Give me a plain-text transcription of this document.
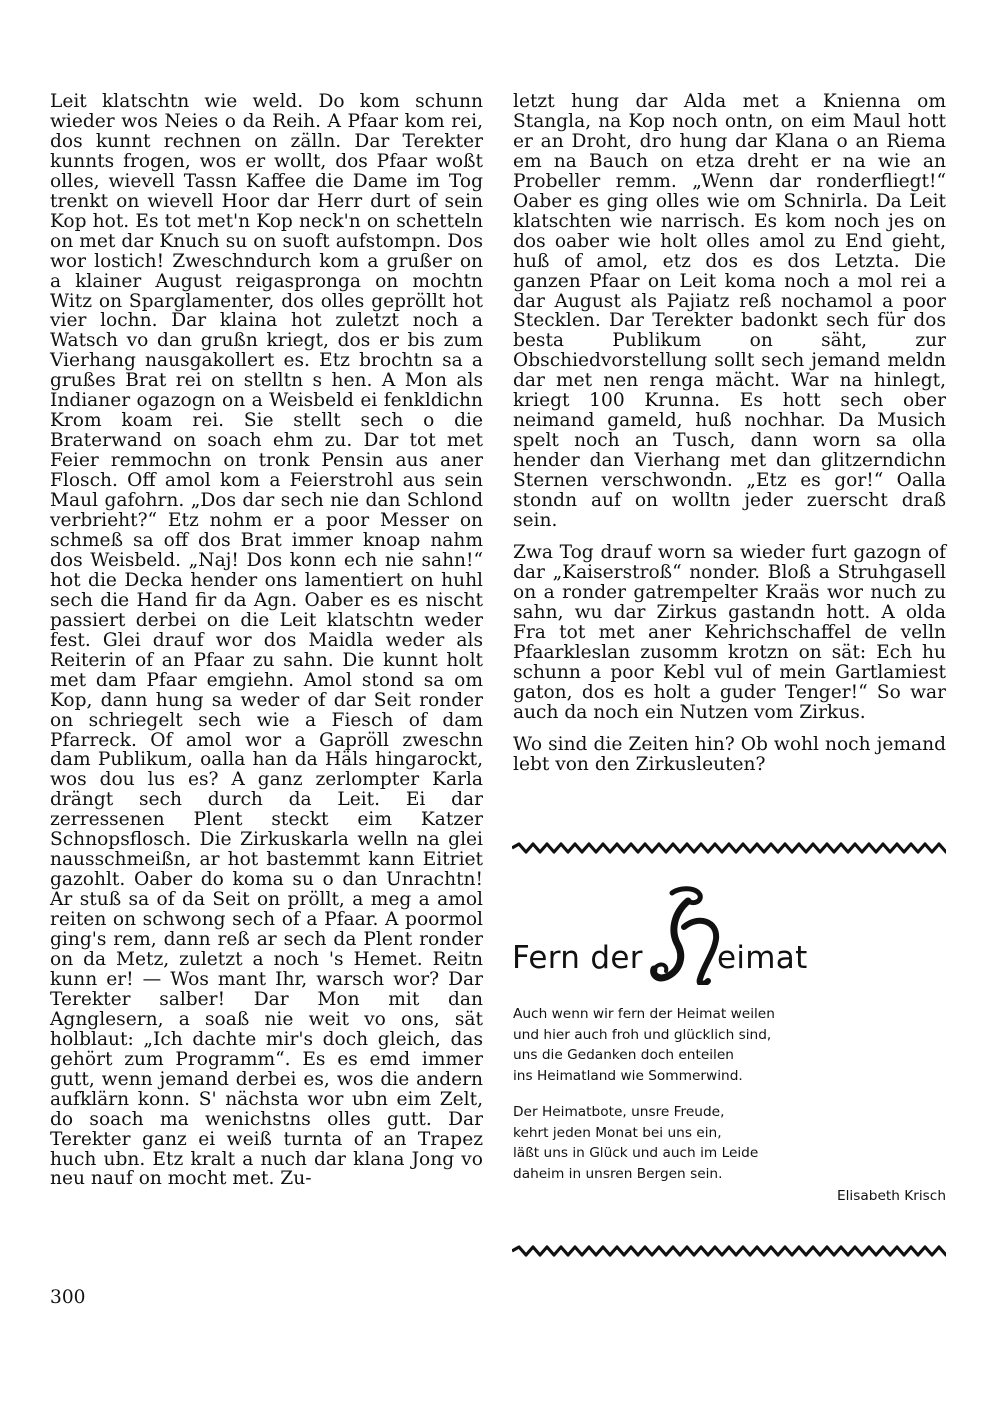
Leit klatschtn wie weld. Do kom schunn wieder wos Neies o da Reih. A Pfaar kom rei, dos kunnt rechnen on zälln. Dar Terekter kunnts frogen, wos er wollt, dos Pfaar woßt olles, wievell Tassn Kaffee die Dame im Tog trenkt on wievell Hoor dar Herr durt of sein Kop hot. Es tot met'n Kop neck'n on schetteln on met dar Knuch su on suoft aufstompn. Dos wor lostich! Zweschndurch kom a grußer on a klainer August reigaspronga on mochtn Witz on Sparglamenter, dos olles gepröllt hot vier lochn. Dar klaina hot zuletzt noch a Watsch vo dan grußn kriegt, dos er bis zum Vierhang nausgakollert es. Etz brochtn sa a grußes Brat rei on stelltn s hen. A Mon als Indianer ogazogn on a Weisbeld ei fenkldichn Krom koam rei. Sie stellt sech o die Braterwand on soach ehm zu. Dar tot met Feier remmochn on tronk Pensin aus aner Flosch. Off amol kom a Feierstrohl aus sein Maul gafohrn. „Dos dar sech nie dan Schlond verbrieht?“ Etz nohm er a poor Messer on schmeß sa off dos Brat immer knoap nahm dos Weisbeld. „Naj! Dos konn ech nie sahn!“ hot die Decka hender ons lamentiert on huhl sech die Hand fir da Agn. Oaber es es nischt passiert derbei on die Leit klatschtn weder fest. Glei drauf wor dos Maidla weder als Reiterin of an Pfaar zu sahn. Die kunnt holt met dam Pfaar emgiehn. Amol stond sa om Kop, dann hung sa weder of dar Seit ronder on schriegelt sech wie a Fiesch of dam Pfarreck. Of amol wor a Gapröll zweschn dam Publikum, oalla han da Häls hingarockt, wos dou lus es? A ganz zerlompter Karla drängt sech durch da Leit. Ei dar zerressenen Plent steckt eim Katzer Schnopsflosch. Die Zirkuskarla welln na glei nausschmeißn, ar hot bastemmt kann Eitriet gazohlt. Oaber do koma su o dan Unrachtn! Ar stuß sa of da Seit on pröllt, a meg a amol reiten on schwong sech of a Pfaar. A poormol ging's rem, dann reß ar sech da Plent ronder on da Metz, zuletzt a noch 's Hemet. Reitn kunn er! — Wos mant Ihr, warsch wor? Dar Terekter salber! Dar Mon mit dan Agnglesern, a soaß nie weit vo ons, sät holblaut: „Ich dachte mir's doch gleich, das gehört zum Programm“. Es es emd immer gutt, wenn jemand derbei es, wos die andern aufklärn konn. S' nächsta wor ubn eim Zelt, do soach ma wenichstns olles gutt. Dar Terekter ganz ei weiß turnta of an Trapez huch ubn. Etz kralt a nuch dar klana Jong vo neu nauf on mocht met. Zu-

letzt hung dar Alda met a Knienna om Stangla, na Kop noch ontn, on eim Maul hott er an Droht, dro hung dar Klana o an Riema em na Bauch on etza dreht er na wie an Probeller remm. „Wenn dar ronderfliegt!“ Oaber es ging olles wie om Schnirla. Da Leit klatschten wie narrisch. Es kom noch jes on dos oaber wie holt olles amol zu End gieht, huß of amol, etz dos es dos Letzta. Die ganzen Pfaar on Leit koma noch a mol rei a dar August als Pajiatz reß nochamol a poor Stecklen. Dar Terekter badonkt sech für dos besta Publikum on säht, zur Obschiedvorstellung sollt sech jemand meldn dar met nen renga mächt. War na hinlegt, kriegt 100 Krunna. Es hott sech ober neimand gameld, huß nochhar. Da Musich spelt noch an Tusch, dann worn sa olla hender dan Vierhang met dan glitzerndichn Sternen verschwondn. „Etz es gor!“ Oalla stondn auf on wolltn jeder zuerscht draß sein.

Zwa Tog drauf worn sa wieder furt gazogn of dar „Kaiserstroß“ nonder. Bloß a Struhgasell on a ronder gatrempelter Kraäs wor nuch zu sahn, wu dar Zirkus gastandn hott. A olda Fra tot met aner Kehrichschaffel de velln Pfaarkleslan zusomm krotzn on sät: Ech hu schunn a poor Kebl vul of mein Gartlamiest gaton, dos es holt a guder Tenger!“ So war auch da noch ein Nutzen vom Zirkus.

Wo sind die Zeiten hin? Ob wohl noch jemand lebt von den Zirkusleuten?

Fern der eimat
Auch wenn wir fern der Heimat weilen
und hier auch froh und glücklich sind,
uns die Gedanken doch enteilen
ins Heimatland wie Sommerwind.
Der Heimatbote, unsre Freude,
kehrt jeden Monat bei uns ein,
läßt uns in Glück und auch im Leide
daheim in unsren Bergen sein.
Elisabeth Krisch
300
